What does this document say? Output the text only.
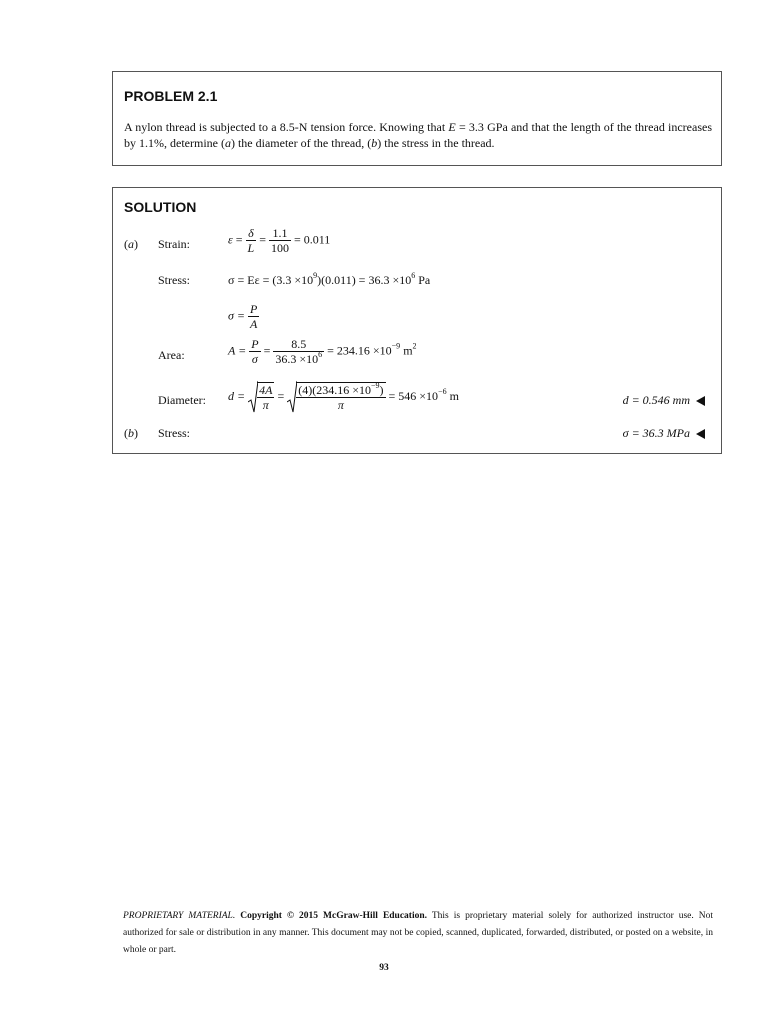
PROBLEM 2.1
A nylon thread is subjected to a 8.5-N tension force. Knowing that E = 3.3 GPa and that the length of the thread increases by 1.1%, determine (a) the diameter of the thread, (b) the stress in the thread.
SOLUTION
(a) Strain:	$\varepsilon = \frac{\delta}{L} = \frac{1.1}{100} = 0.011$
Stress:	$\sigma = E\varepsilon = (3.3 \times 10^9)(0.011) = 36.3 \times 10^6$ Pa
$\sigma = \frac{P}{A}$
Area:	$A = \frac{P}{\sigma} = \frac{8.5}{36.3 \times 10^6} = 234.16 \times 10^{-9}$ $m^2$
Diameter: $d = \frac{4A}{\pi} = \frac{(4)(234.16 \times 10^{-9})}{\pi} = 546 \times 10^{-6}$ m	d = 0.546 mm
(b) Stress:	σ = 36.3 MPa
PROPRIETARY MATERIAL. Copyright © 2015 McGraw-Hill Education. This is proprietary material solely for authorized instructor use. Not authorized for sale or distribution in any manner. This document may not be copied, scanned, duplicated, forwarded, distributed, or posted on a website, in whole or part.
93
